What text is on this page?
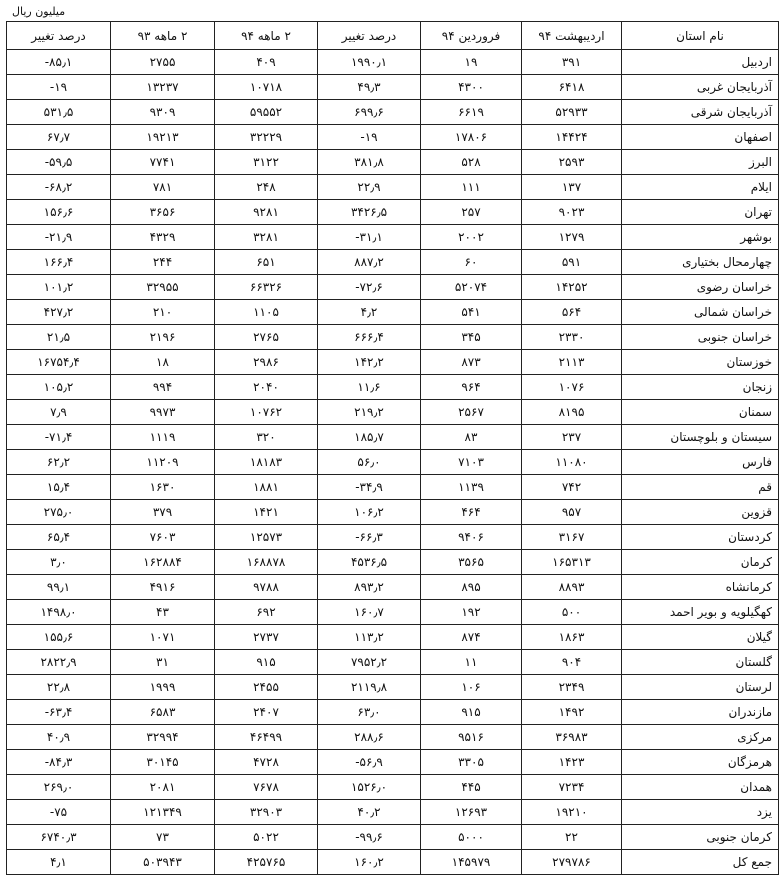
میلیون ریال
نام استان	اردیبهشت ۹۴	فروردین ۹۴	درصد تغییر	۲ ماهه ۹۴	۲ ماهه ۹۳	درصد تغییر
اردبیل	۳۹۱	۱۹	۱۹۹۰٫۱	۴۰۹	۲۷۵۵	۸۵٫۱-
آذربایجان غربی	۶۴۱۸	۴۳۰۰	۴۹٫۳	۱۰۷۱۸	۱۳۲۳۷	۱۹-
آذربایجان شرقی	۵۲۹۳۳	۶۶۱۹	۶۹۹٫۶	۵۹۵۵۲	۹۳۰۹	۵۳۱٫۵
اصفهان	۱۴۴۲۴	۱۷۸۰۶	۱۹-	۳۲۲۲۹	۱۹۲۱۳	۶۷٫۷
البرز	۲۵۹۳	۵۲۸	۳۸۱٫۸	۳۱۲۲	۷۷۴۱	۵۹٫۵-
ایلام	۱۳۷	۱۱۱	۲۲٫۹	۲۴۸	۷۸۱	۶۸٫۲-
تهران	۹۰۲۳	۲۵۷	۳۴۲۶٫۵	۹۲۸۱	۳۶۵۶	۱۵۶٫۶
بوشهر	۱۲۷۹	۲۰۰۲	۳۱٫۱-	۳۲۸۱	۴۳۲۹	۲۱٫۹-
چهارمحال بختیاری	۵۹۱	۶۰	۸۸۷٫۲	۶۵۱	۲۴۴	۱۶۶٫۴
خراسان رضوی	۱۴۲۵۲	۵۲۰۷۴	۷۲٫۶-	۶۶۳۲۶	۳۲۹۵۵	۱۰۱٫۲
خراسان شمالی	۵۶۴	۵۴۱	۴٫۲	۱۱۰۵	۲۱۰	۴۲۷٫۲
خراسان جنوبی	۲۳۳۰	۳۴۵	۶۶۶٫۴	۲۷۶۵	۲۱۹۶	۲۱٫۵
خوزستان	۲۱۱۳	۸۷۳	۱۴۲٫۲	۲۹۸۶	۱۸	۱۶۷۵۴٫۴
زنجان	۱۰۷۶	۹۶۴	۱۱٫۶	۲۰۴۰	۹۹۴	۱۰۵٫۲
سمنان	۸۱۹۵	۲۵۶۷	۲۱۹٫۲	۱۰۷۶۲	۹۹۷۳	۷٫۹
سیستان و بلوچستان	۲۳۷	۸۳	۱۸۵٫۷	۳۲۰	۱۱۱۹	۷۱٫۴-
فارس	۱۱۰۸۰	۷۱۰۳	۵۶٫۰	۱۸۱۸۳	۱۱۲۰۹	۶۲٫۲
قم	۷۴۲	۱۱۳۹	۳۴٫۹-	۱۸۸۱	۱۶۳۰	۱۵٫۴
قزوین	۹۵۷	۴۶۴	۱۰۶٫۲	۱۴۲۱	۳۷۹	۲۷۵٫۰
کردستان	۳۱۶۷	۹۴۰۶	۶۶٫۳-	۱۲۵۷۳	۷۶۰۳	۶۵٫۴
کرمان	۱۶۵۳۱۳	۳۵۶۵	۴۵۳۶٫۵	۱۶۸۸۷۸	۱۶۲۸۸۴	۳٫۰
کرمانشاه	۸۸۹۳	۸۹۵	۸۹۳٫۲	۹۷۸۸	۴۹۱۶	۹۹٫۱
کهگیلویه و بویر احمد	۵۰۰	۱۹۲	۱۶۰٫۷	۶۹۲	۴۳	۱۴۹۸٫۰
گیلان	۱۸۶۳	۸۷۴	۱۱۳٫۲	۲۷۳۷	۱۰۷۱	۱۵۵٫۶
گلستان	۹۰۴	۱۱	۷۹۵۲٫۲	۹۱۵	۳۱	۲۸۲۲٫۹
لرستان	۲۳۴۹	۱۰۶	۲۱۱۹٫۸	۲۴۵۵	۱۹۹۹	۲۲٫۸
مازندران	۱۴۹۲	۹۱۵	۶۳٫۰	۲۴۰۷	۶۵۸۳	۶۳٫۴-
مرکزی	۳۶۹۸۳	۹۵۱۶	۲۸۸٫۶	۴۶۴۹۹	۳۲۹۹۴	۴۰٫۹
هرمزگان	۱۴۲۳	۳۳۰۵	۵۶٫۹-	۴۷۲۸	۳۰۱۴۵	۸۴٫۳-
همدان	۷۲۳۴	۴۴۵	۱۵۲۶٫۰	۷۶۷۸	۲۰۸۱	۲۶۹٫۰
یزد	۱۹۲۱۰	۱۲۶۹۳	۴۰٫۲	۳۲۹۰۳	۱۲۱۳۴۹	۷۵-
کرمان جنوبی	۲۲	۵۰۰۰	۹۹٫۶-	۵۰۲۲	۷۳	۶۷۴۰٫۳
جمع کل	۲۷۹۷۸۶	۱۴۵۹۷۹	۱۶۰٫۲	۴۲۵۷۶۵	۵۰۳۹۴۳	۴٫۱
